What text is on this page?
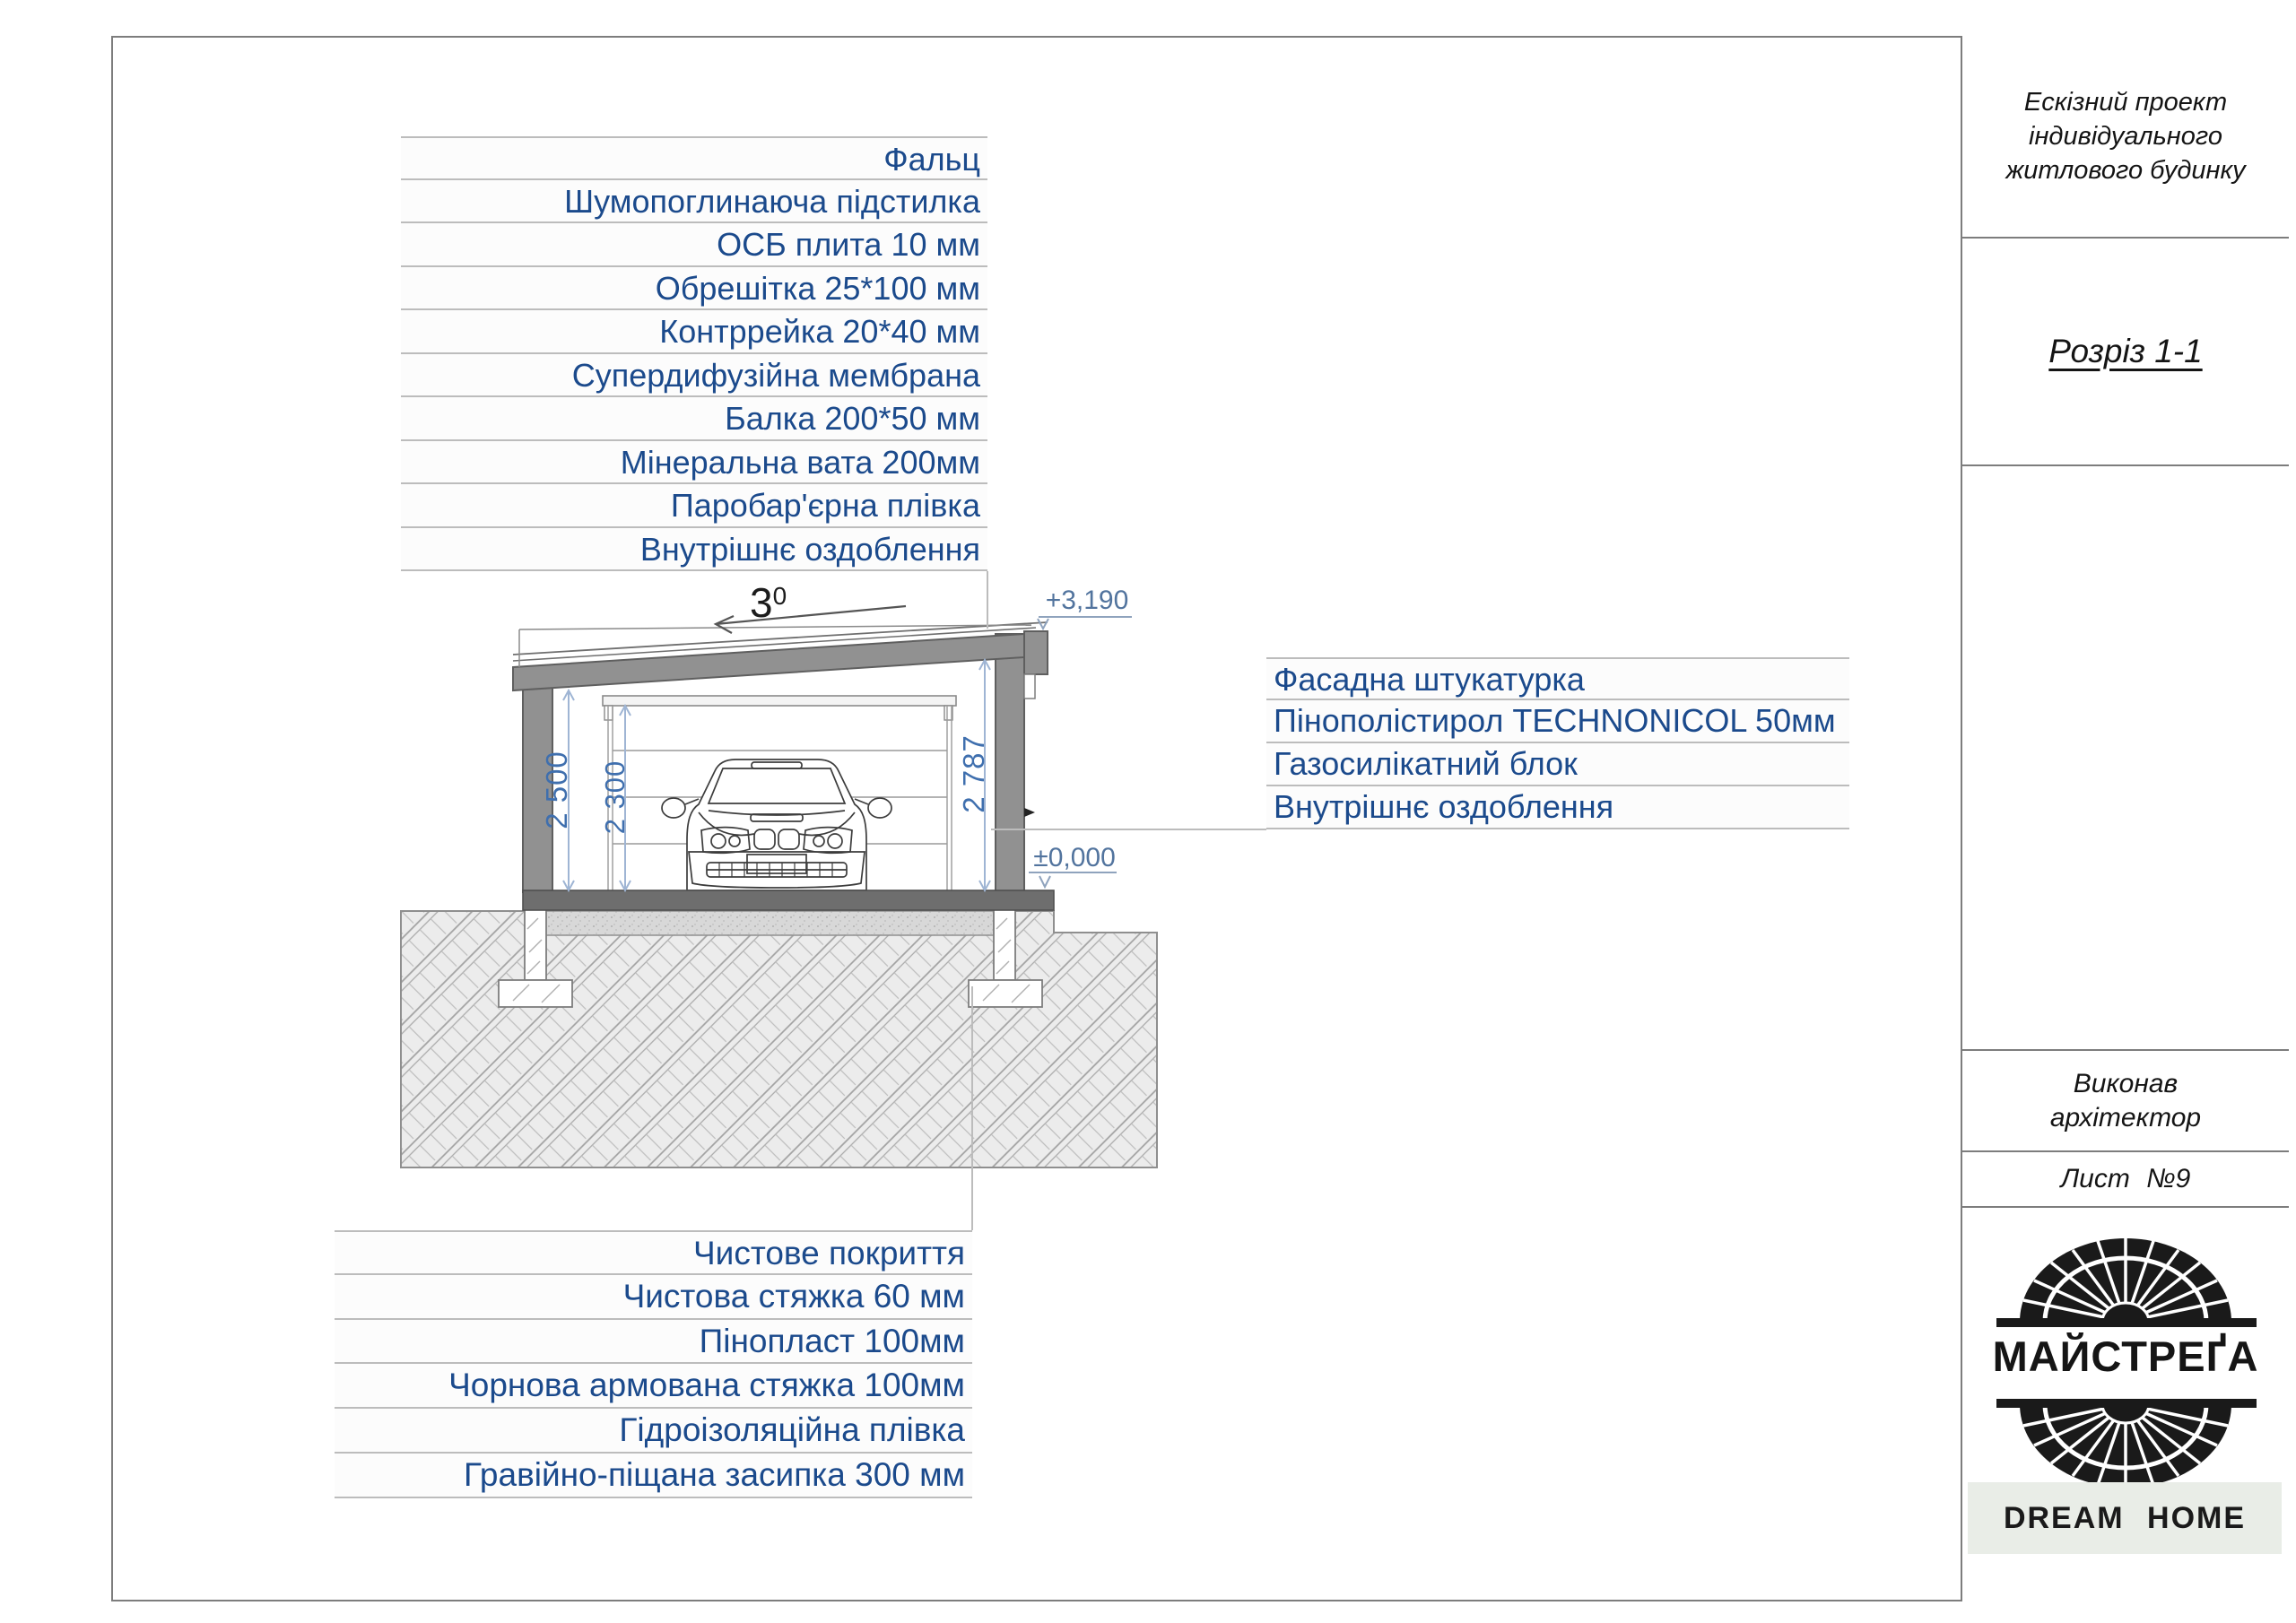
Фальц
Шумопоглинаюча підстилка
ОСБ плита 10 мм
Обрешітка 25*100 мм
Контррейка 20*40 мм
Супердифузійна мембрана
Балка 200*50 мм
Мінеральна вата 200мм
Паробар'єрна плівка
Внутрішнє оздоблення
Фасадна штукатурка
Пінополістирол TECHNONICOL 50мм
Газосилікатний блок
Внутрішнє оздоблення
Чистове покриття
Чистова стяжка 60 мм
Пінопласт 100мм
Чорнова армована стяжка 100мм
Гідроізоляційна плівка
Гравійно-піщана засипка 300 мм
2 500 2 300	2 787
+3,190
±0,000
$3^0$
Ескізний проект індивідуального житлового будинку
Розріз 1-1
Виконав
архітектор
Лист №9
МАЙСТРЕҐА
DREAM HOME
